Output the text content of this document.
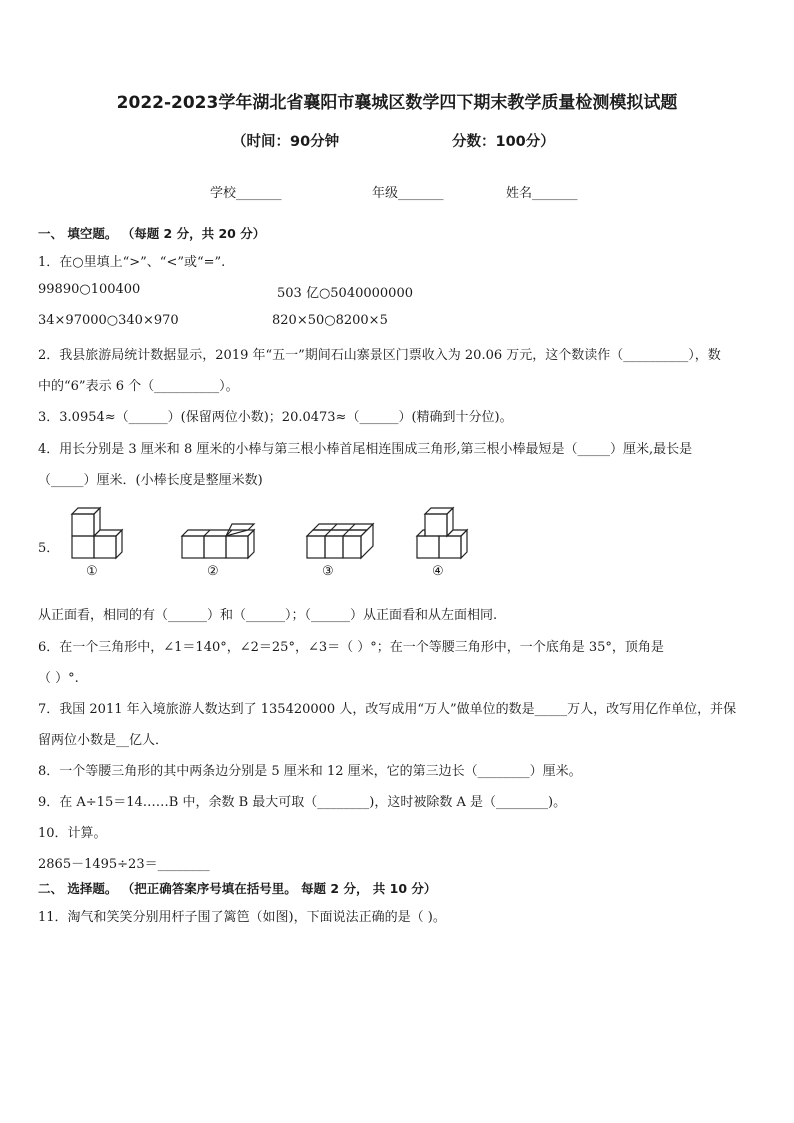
2022-2023学年湖北省襄阳市襄城区数学四下期末教学质量检测模拟试题
（时间：90分钟	分数：100分）
学校_______	年级_______	姓名_______
一、 填空题。 （每题 2 分，共 20 分）
1．在○里填上“>”、“<”或“=”.
99890○100400	503 亿○5040000000
34×97000○340×970	820×50○8200×5
2．我县旅游局统计数据显示，2019 年“五一”期间石山寨景区门票收入为 20.06 万元，这个数读作（__________），数
中的“6”表示 6 个（__________）。
3．3.0954≈（______）(保留两位小数)；20.0473≈（______）(精确到十分位)。
4．用长分别是 3 厘米和 8 厘米的小棒与第三根小棒首尾相连围成三角形,第三根小棒最短是（_____）厘米,最长是
（_____）厘米．(小棒长度是整厘米数)
5．
①	②	③	④
从正面看，相同的有（______）和（______）；（______）从正面看和从左面相同.
6．在一个三角形中，∠1＝140°，∠2＝25°，∠3＝（ ）°；在一个等腰三角形中，一个底角是 35°，顶角是
（ ）°.
7．我国 2011 年入境旅游人数达到了 135420000 人，改写成用“万人”做单位的数是_____万人，改写用亿作单位，并保
留两位小数是__亿人．
8．一个等腰三角形的其中两条边分别是 5 厘米和 12 厘米，它的第三边长（________）厘米。
9．在 A÷15＝14……B 中，余数 B 最大可取（________)，这时被除数 A 是（________)。
10．计算。
2865－1495÷23＝________
二、 选择题。 （把正确答案序号填在括号里。 每题 2 分， 共 10 分）
11．淘气和笑笑分别用杆子围了篱笆（如图)，下面说法正确的是（ )。
